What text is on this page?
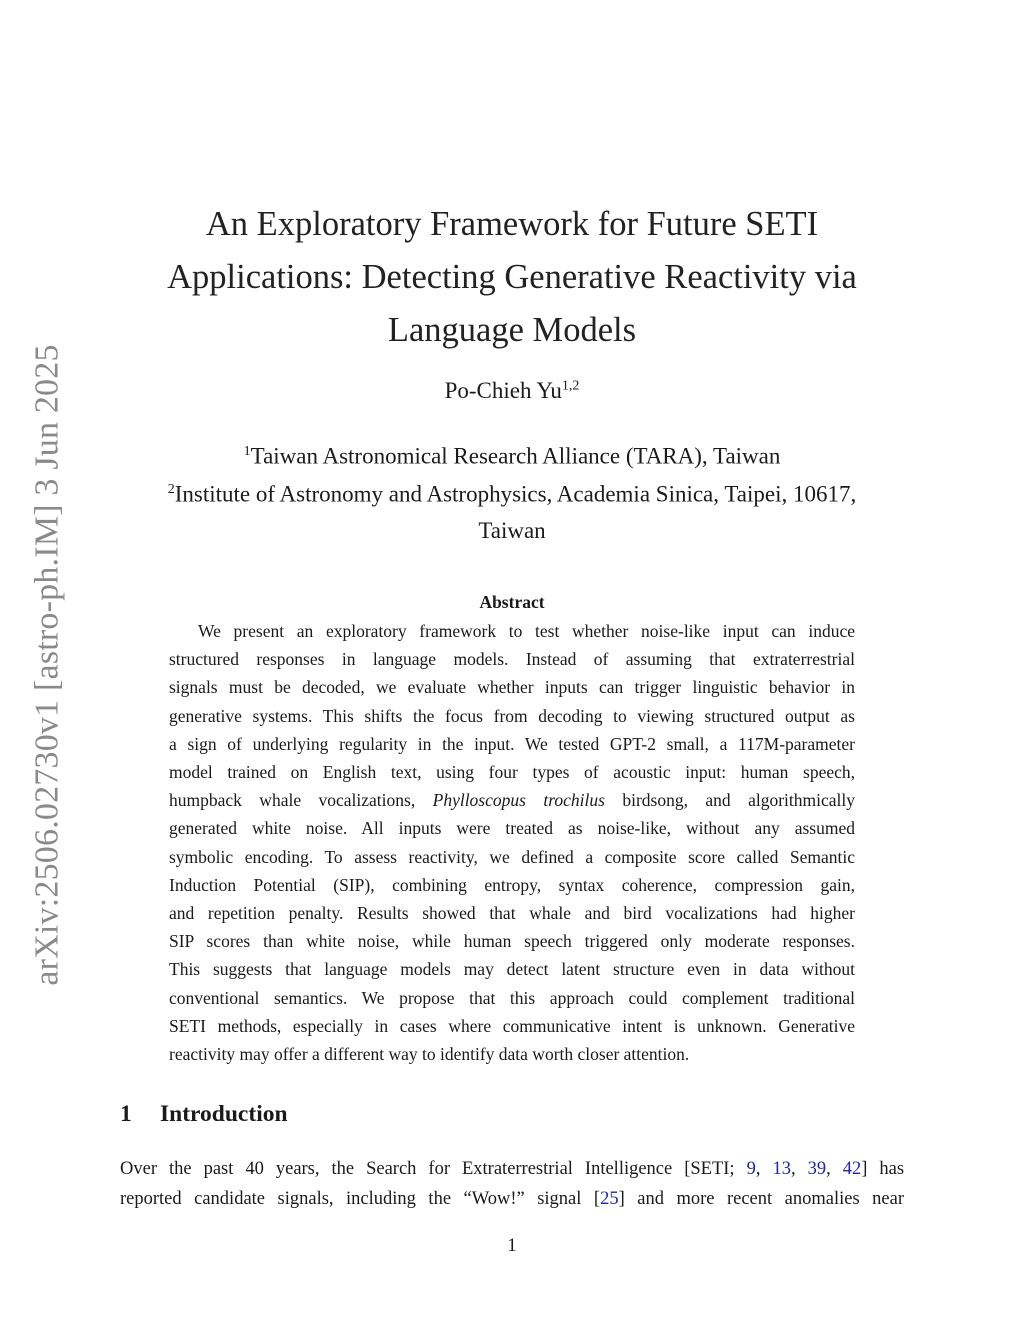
arXiv:2506.02730v1 [astro-ph.IM] 3 Jun 2025
An Exploratory Framework for Future SETI
Applications: Detecting Generative Reactivity via
Language Models
Po-Chieh Yu$^{1,2}$
$^1$Taiwan Astronomical Research Alliance (TARA), Taiwan
$^2$Institute of Astronomy and Astrophysics, Academia Sinica, Taipei, 10617,
Taiwan
Abstract
We present an exploratory framework to test whether noise-like input can induce
structured responses in language models. Instead of assuming that extraterrestrial
signals must be decoded, we evaluate whether inputs can trigger linguistic behavior in
generative systems. This shifts the focus from decoding to viewing structured output as
a sign of underlying regularity in the input. We tested GPT-2 small, a 117M-parameter
model trained on English text, using four types of acoustic input: human speech,
humpback whale vocalizations, Phylloscopus trochilus birdsong, and algorithmically
generated white noise. All inputs were treated as noise-like, without any assumed
symbolic encoding. To assess reactivity, we defined a composite score called Semantic
Induction Potential (SIP), combining entropy, syntax coherence, compression gain,
and repetition penalty. Results showed that whale and bird vocalizations had higher
SIP scores than white noise, while human speech triggered only moderate responses.
This suggests that language models may detect latent structure even in data without
conventional semantics. We propose that this approach could complement traditional
SETI methods, especially in cases where communicative intent is unknown. Generative
reactivity may offer a different way to identify data worth closer attention.
1 Introduction
Over the past 40 years, the Search for Extraterrestrial Intelligence [SETI; 9, 13, 39, 42] has
reported candidate signals, including the “Wow!” signal [25] and more recent anomalies near
1
